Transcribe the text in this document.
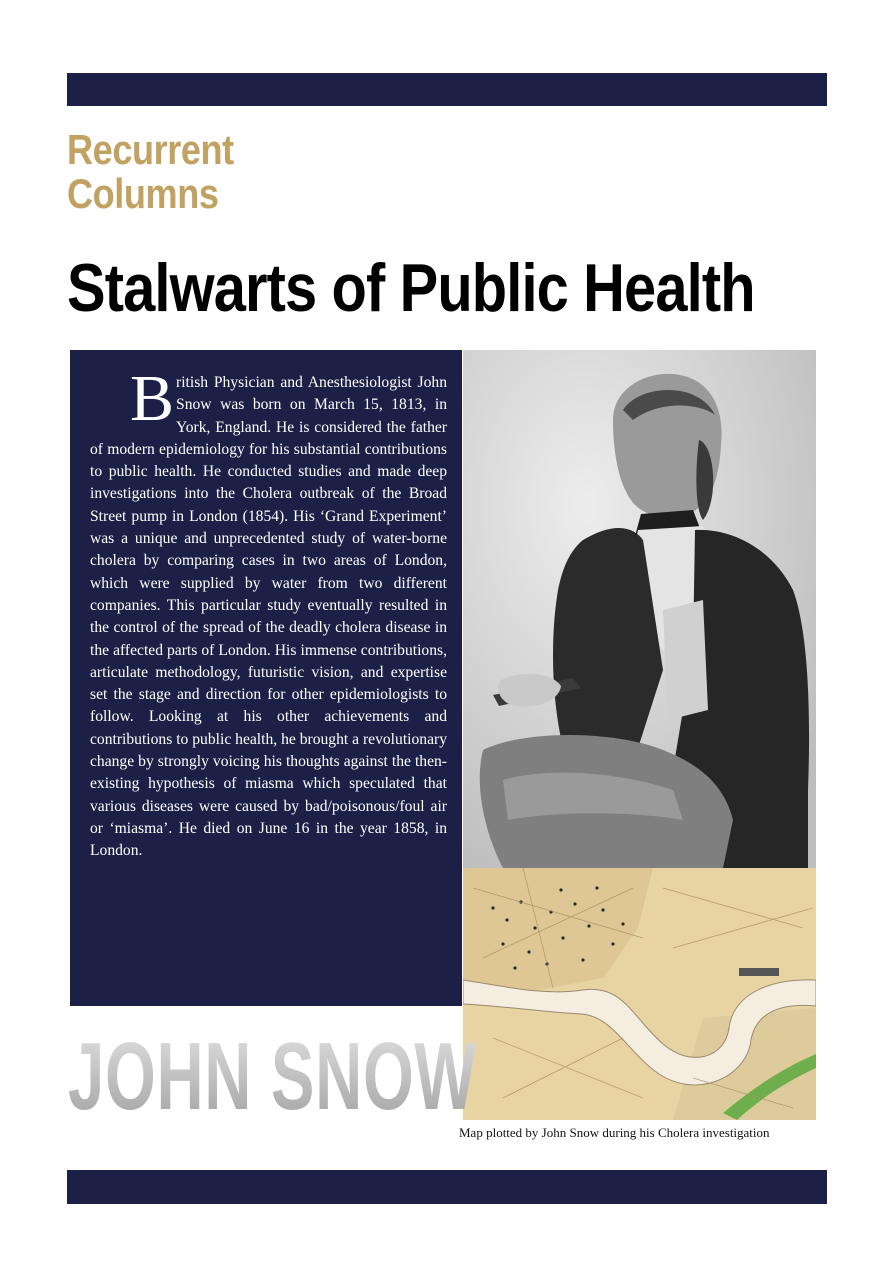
Recurrent Columns
Stalwarts of Public Health
British Physician and Anesthesiologist John Snow was born on March 15, 1813, in York, England. He is considered the father of modern epidemiology for his substantial contributions to public health. He conducted studies and made deep investigations into the Cholera outbreak of the Broad Street pump in London (1854). His ‘Grand Experiment’ was a unique and unprecedented study of water-borne cholera by comparing cases in two areas of London, which were supplied by water from two different companies. This particular study eventually resulted in the control of the spread of the deadly cholera disease in the affected parts of London. His immense contributions, articulate methodology, futuristic vision, and expertise set the stage and direction for other epidemiologists to follow. Looking at his other achievements and contributions to public health, he brought a revolutionary change by strongly voicing his thoughts against the then-existing hypothesis of miasma which speculated that various diseases were caused by bad/poisonous/foul air or ‘miasma’. He died on June 16 in the year 1858, in London.
JOHN SNOW
Map plotted by John Snow during his Cholera investigation
